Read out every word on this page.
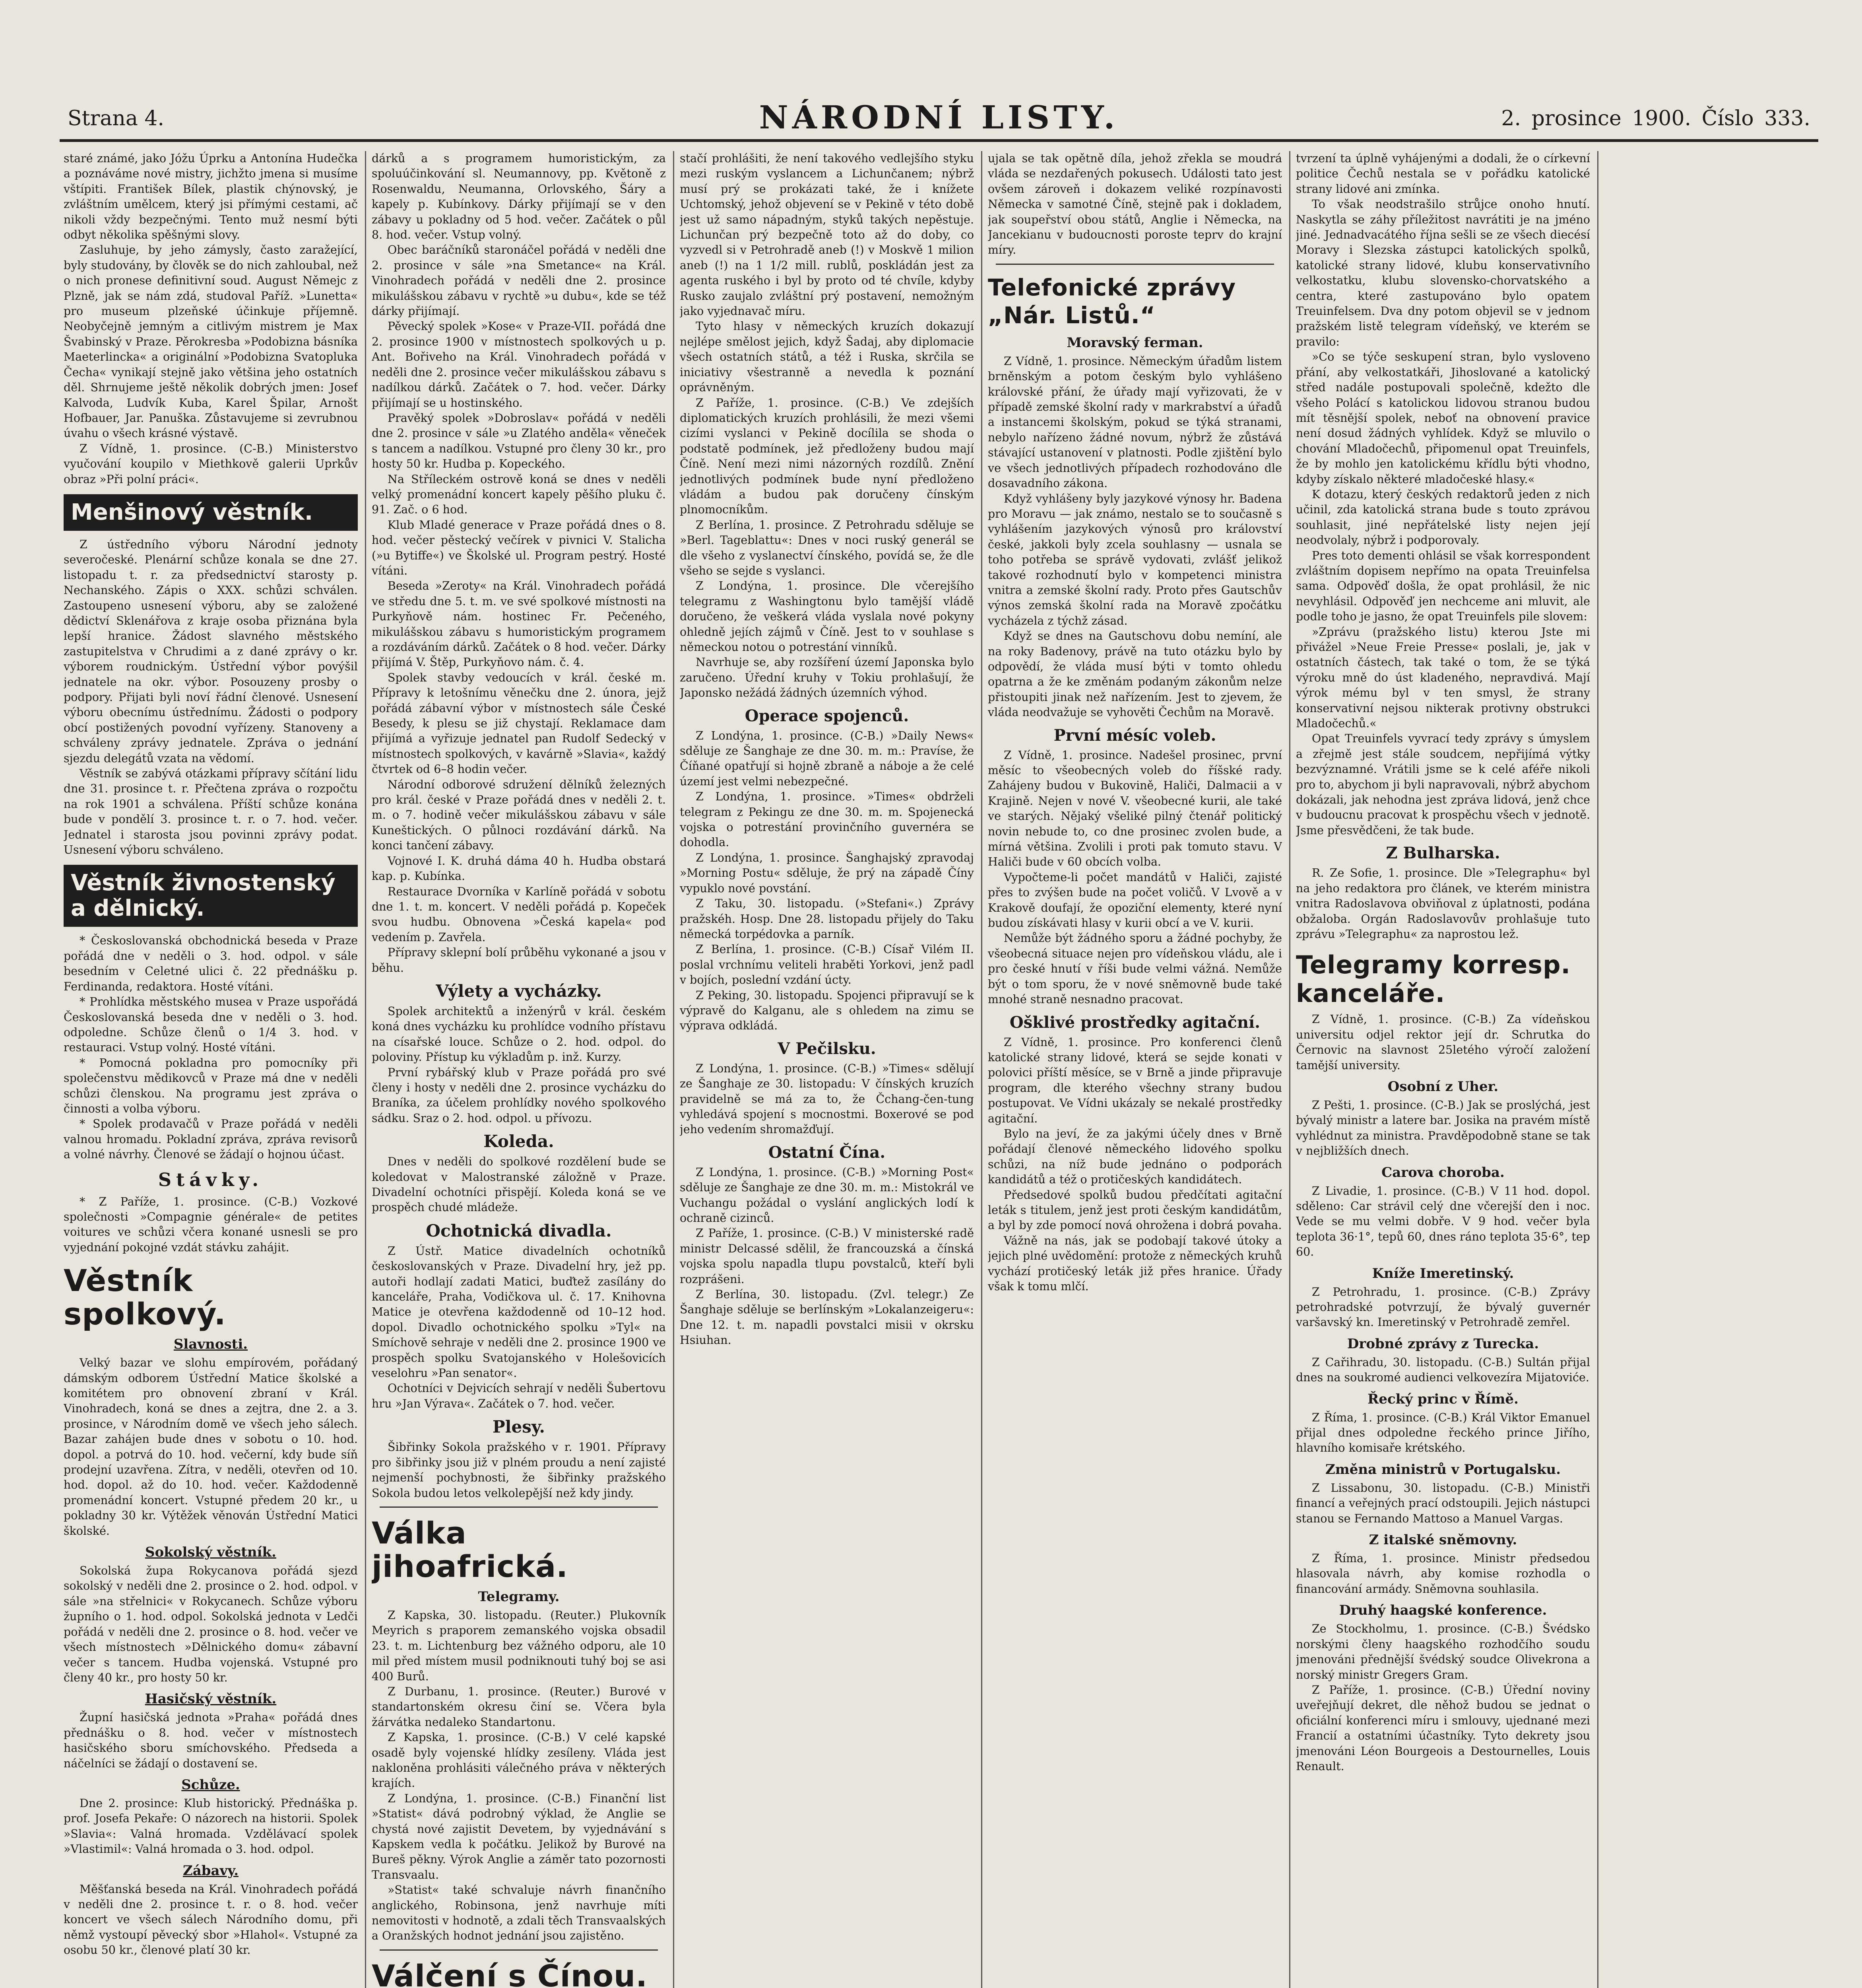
Strana 4.	NÁRODNÍ LISTY.	2. prosince 1900. Číslo 333.

staré známé, jako Jóžu Úprku a Antonína Hudečka a poznáváme nové mistry, jichžto jmena si musíme vštípiti. František Bílek, plastik chýnovský, je zvláštním umělcem, který jsi přímými cestami, ač nikoli vždy bezpečnými. Tento muž nesmí býti odbyt několika spěšnými slovy.

Zasluhuje, by jeho zámysly, často zaražející, byly studovány, by člověk se do nich zahloubal, než o nich pronese definitivní soud. August Němejc z Plzně, jak se nám zdá, studoval Paříž. »Lunetta« pro museum plzeňské účinkuje příjemně. Neobyčejně jemným a citlivým mistrem je Max Švabinský v Praze. Pěrokresba »Podobizna básníka Maeterlincka« a originální »Podobizna Svatopluka Čecha« vynikají stejně jako většina jeho ostatních děl. Shrnujeme ještě několik dobrých jmen: Josef Kalvoda, Ludvík Kuba, Karel Špilar, Arnošt Hofbauer, Jar. Panuška. Zůstavujeme si zevrubnou úvahu o všech krásné výstavě.

Z Vídně, 1. prosince. (C-B.) Ministerstvo vyučování koupilo v Miethkově galerii Uprkův obraz »Při polní práci«.

Menšinový věstník.

Z ústředního výboru Národní jednoty severočeské. Plenární schůze konala se dne 27. listopadu t. r. za předsednictví starosty p. Nechanského. Zápis o XXX. schůzi schválen. Zastoupeno usnesení výboru, aby se založené dědictví Sklenářova z kraje osoba přiznána byla lepší hranice. Žádost slavného městského zastupitelstva v Chrudimi a z dané zprávy o kr. výborem roudnickým. Ústřední výbor povýšil jednatele na okr. výbor. Posouzeny prosby o podpory. Přijati byli noví řádní členové. Usnesení výboru obecnímu ústřednímu. Žádosti o podpory obcí postižených povodní vyřízeny. Stanoveny a schváleny zprávy jednatele. Zpráva o jednání sjezdu delegátů vzata na vědomí.

Věstník se zabývá otázkami přípravy sčítání lidu dne 31. prosince t. r. Přečtena zpráva o rozpočtu na rok 1901 a schválena. Příští schůze konána bude v pondělí 3. prosince t. r. o 7. hod. večer. Jednatel i starosta jsou povinni zprávy podat. Usnesení výboru schváleno.

Věstník živnostenský a dělnický.

* Českoslovanská obchodnická beseda v Praze pořádá dne v neděli o 3. hod. odpol. v sále besedním v Celetné ulici č. 22 přednášku p. Ferdinanda, redaktora. Hosté vítáni.

* Prohlídka městského musea v Praze uspořádá Českoslovanská beseda dne v neděli o 3. hod. odpoledne. Schůze členů o 1/4 3. hod. v restauraci. Vstup volný. Hosté vítáni.

* Pomocná pokladna pro pomocníky při společenstvu mědikovců v Praze má dne v neděli schůzi členskou. Na programu jest zpráva o činnosti a volba výboru.

* Spolek prodavačů v Praze pořádá v neděli valnou hromadu. Pokladní zpráva, zpráva revisorů a volné návrhy. Členové se žádají o hojnou účast.

Stávky.

* Z Paříže, 1. prosince. (C-B.) Vozkové společnosti »Compagnie générale« de petites voitures ve schůzi včera konané usnesli se pro vyjednání pokojné vzdát stávku zahájit.

Věstník spolkový.
Slavnosti.

Velký bazar ve slohu empírovém, pořádaný dámským odborem Ústřední Matice školské a komitétem pro obnovení zbraní v Král. Vinohradech, koná se dnes a zejtra, dne 2. a 3. prosince, v Národním domě ve všech jeho sálech. Bazar zahájen bude dnes v sobotu o 10. hod. dopol. a potrvá do 10. hod. večerní, kdy bude síň prodejní uzavřena. Zítra, v neděli, otevřen od 10. hod. dopol. až do 10. hod. večer. Každodenně promenádní koncert. Vstupné předem 20 kr., u pokladny 30 kr. Výtěžek věnován Ústřední Matici školské.

Sokolský věstník.

Sokolská župa Rokycanova pořádá sjezd sokolský v neděli dne 2. prosince o 2. hod. odpol. v sále »na střelnici« v Rokycanech. Schůze výboru župního o 1. hod. odpol. Sokolská jednota v Ledči pořádá v neděli dne 2. prosince o 8. hod. večer ve všech místnostech »Dělnického domu« zábavní večer s tancem. Hudba vojenská. Vstupné pro členy 40 kr., pro hosty 50 kr.

Hasičský věstník.

Župní hasičská jednota »Praha« pořádá dnes přednášku o 8. hod. večer v místnostech hasičského sboru smíchovského. Předseda a náčelníci se žádají o dostavení se.

Schůze.

Dne 2. prosince: Klub historický. Přednáška p. prof. Josefa Pekaře: O názorech na historii. Spolek »Slavia«: Valná hromada. Vzdělávací spolek »Vlastimil«: Valná hromada o 3. hod. odpol.

Zábavy.

Měšťanská beseda na Král. Vinohradech pořádá v neděli dne 2. prosince t. r. o 8. hod. večer koncert ve všech sálech Národního domu, při němž vystoupí pěvecký sbor »Hlahol«. Vstupné za osobu 50 kr., členové platí 30 kr.

dárků a s programem humoristickým, za spoluúčinkování sl. Neumannovy, pp. Květoně z Rosenwaldu, Neumanna, Orlovského, Šáry a kapely p. Kubínkovy. Dárky přijímají se v den zábavy u pokladny od 5 hod. večer. Začátek o půl 8. hod. večer. Vstup volný.

Obec baráčníků staronáčel pořádá v neděli dne 2. prosince v sále »na Smetance« na Král. Vinohradech pořádá v neděli dne 2. prosince mikulášskou zábavu v rychtě »u dubu«, kde se též dárky přijímají.

Pěvecký spolek »Kose« v Praze-VII. pořádá dne 2. prosince 1900 v místnostech spolkových u p. Ant. Bořiveho na Král. Vinohradech pořádá v neděli dne 2. prosince večer mikulášskou zábavu s nadílkou dárků. Začátek o 7. hod. večer. Dárky přijímají se u hostinského.

Pravěký spolek »Dobroslav« pořádá v neděli dne 2. prosince v sále »u Zlatého anděla« věneček s tancem a nadílkou. Vstupné pro členy 30 kr., pro hosty 50 kr. Hudba p. Kopeckého.

Na Stříleckém ostrově koná se dnes v neděli velký promenádní koncert kapely pěšího pluku č. 91. Zač. o 6 hod.

Klub Mladé generace v Praze pořádá dnes o 8. hod. večer pěstecký večírek v pivnici V. Stalicha (»u Bytiffe«) ve Školské ul. Program pestrý. Hosté vítáni.

Beseda »Zeroty« na Král. Vinohradech pořádá ve středu dne 5. t. m. ve své spolkové místnosti na Purkyňově nám. hostinec Fr. Pečeného, mikulášskou zábavu s humoristickým programem a rozdáváním dárků. Začátek o 8 hod. večer. Dárky přijímá V. Štěp, Purkyňovo nám. č. 4.

Spolek stavby vedoucích v král. české m. Přípravy k letošnímu věnečku dne 2. února, jejž pořádá zábavní výbor v místnostech sále České Besedy, k plesu se již chystají. Reklamace dam přijímá a vyřizuje jednatel pan Rudolf Sedecký v místnostech spolkových, v kavárně »Slavia«, každý čtvrtek od 6–8 hodin večer.

Národní odborové sdružení dělníků železných pro král. české v Praze pořádá dnes v neděli 2. t. m. o 7. hodině večer mikulášskou zábavu v sále Kuneštických. O půlnoci rozdávání dárků. Na konci tančení zábavy.

Vojnové I. K. druhá dáma 40 h. Hudba obstará kap. p. Kubínka.

Restaurace Dvorníka v Karlíně pořádá v sobotu dne 1. t. m. koncert. V neděli pořádá p. Kopeček svou hudbu. Obnovena »Česká kapela« pod vedením p. Zavřela.

Přípravy sklepní bolí průběhu vykonané a jsou v běhu.

Výlety a vycházky.

Spolek architektů a inženýrů v král. českém koná dnes vycházku ku prohlídce vodního přístavu na císařské louce. Schůze o 2. hod. odpol. do poloviny. Přístup ku výkladům p. inž. Kurzy.

První rybářský klub v Praze pořádá pro své členy i hosty v neděli dne 2. prosince vycházku do Braníka, za účelem prohlídky nového spolkového sádku. Sraz o 2. hod. odpol. u přívozu.

Koleda.

Dnes v neděli do spolkové rozdělení bude se koledovat v Malostranské záložně v Praze. Divadelní ochotníci přispějí. Koleda koná se ve prospěch chudé mládeže.

Ochotnická divadla.

Z Ústř. Matice divadelních ochotníků českoslovanských v Praze. Divadelní hry, jež pp. autoři hodlají zadati Matici, buďtež zasílány do kanceláře, Praha, Vodičkova ul. č. 17. Knihovna Matice je otevřena každodenně od 10–12 hod. dopol. Divadlo ochotnického spolku »Tyl« na Smíchově sehraje v neděli dne 2. prosince 1900 ve prospěch spolku Svatojanského v Holešovicích veselohru »Pan senator«.

Ochotníci v Dejvicích sehrají v neděli Šubertovu hru »Jan Výrava«. Začátek o 7. hod. večer.

Plesy.

Šibřinky Sokola pražského v r. 1901. Přípravy pro šibřinky jsou již v plném proudu a není zajisté nejmenší pochybnosti, že šibřinky pražského Sokola budou letos velkolepější než kdy jindy.

Válka jihoafrická.
Telegramy.

Z Kapska, 30. listopadu. (Reuter.) Plukovník Meyrich s praporem zemanského vojska obsadil 23. t. m. Lichtenburg bez vážného odporu, ale 10 mil před místem musil podniknouti tuhý boj se asi 400 Burů.

Z Durbanu, 1. prosince. (Reuter.) Burové v standartonském okresu činí se. Včera byla žárvátka nedaleko Standartonu.

Z Kapska, 1. prosince. (C-B.) V celé kapské osadě byly vojenské hlídky zesíleny. Vláda jest nakloněna prohlásiti válečného práva v některých krajích.

Z Londýna, 1. prosince. (C-B.) Finanční list »Statist« dává podrobný výklad, že Anglie se chystá nové zajistit Devetem, by vyjednávání s Kapskem vedla k počátku. Jelikož by Burové na Bureš pěkny. Výrok Anglie a záměr tato pozornosti Transvaalu.

»Statist« také schvaluje návrh finančního anglického, Robinsona, jenž navrhuje míti nemovitosti v hodnotě, a zdali těch Transvaalských a Oranžských hodnot jednání jsou zajistěno.

Válčení s Čínou.

stačí prohlášiti, že není takového vedlejšího styku mezi ruským vyslancem a Lichunčanem; nýbrž musí prý se prokázati také, že i knížete Uchtomský, jehož objevení se v Pekině v této době jest už samo nápadným, styků takých nepěstuje. Lichunčan prý bezpečně toto až do doby, co vyzvedl si v Petrohradě aneb (!) v Moskvě 1 milion aneb (!) na 1 1/2 mill. rublů, poskládán jest za agenta ruského i byl by proto od té chvíle, kdyby Rusko zaujalo zvláštní prý postavení, nemožným jako vyjednavač míru.

Tyto hlasy v německých kruzích dokazují nejlépe smělost jejich, když Šadaj, aby diplomacie všech ostatních států, a též i Ruska, skrčila se iniciativy všestranně a nevedla k poznání oprávněným.

Z Paříže, 1. prosince. (C-B.) Ve zdejších diplomatických kruzích prohlásili, že mezi všemi cizími vyslanci v Pekině docílila se shoda o podstatě podmínek, jež předloženy budou mají Číně. Není mezi nimi názorných rozdílů. Znění jednotlivých podmínek bude nyní předloženo vládám a budou pak doručeny čínským plnomocníkům.

Z Berlína, 1. prosince. Z Petrohradu sděluje se »Berl. Tageblattu«: Dnes v noci ruský generál se dle všeho z vyslanectví čínského, povídá se, že dle všeho se sejde s vyslanci.

Z Londýna, 1. prosince. Dle včerejšího telegramu z Washingtonu bylo tamější vládě doručeno, že veškerá vláda vyslala nové pokyny ohledně jejích zájmů v Číně. Jest to v souhlase s německou notou o potrestání vinníků.

Navrhuje se, aby rozšíření území Japonska bylo zaručeno. Úřední kruhy v Tokiu prohlašují, že Japonsko nežádá žádných územních výhod.

Operace spojenců.

Z Londýna, 1. prosince. (C-B.) »Daily News« sděluje ze Šanghaje ze dne 30. m. m.: Pravíse, že Číňané opatřují si hojně zbraně a náboje a že celé území jest velmi nebezpečné.

Z Londýna, 1. prosince. »Times« obdrželi telegram z Pekingu ze dne 30. m. m. Spojenecká vojska o potrestání provinčního guvernéra se dohodla.

Z Londýna, 1. prosince. Šanghajský zpravodaj »Morning Postu« sděluje, že prý na západě Číny vypuklo nové povstání.

Z Taku, 30. listopadu. (»Stefani«.) Zprávy pražskéh. Hosp. Dne 28. listopadu přijely do Taku německá torpédovka a parník.

Z Berlína, 1. prosince. (C-B.) Císař Vilém II. poslal vrchnímu veliteli hraběti Yorkovi, jenž padl v bojích, poslední vzdání úcty.

Z Peking, 30. listopadu. Spojenci připravují se k výpravě do Kalganu, ale s ohledem na zimu se výprava odkládá.

V Pečilsku.

Z Londýna, 1. prosince. (C-B.) »Times« sdělují ze Šanghaje ze 30. listopadu: V čínských kruzích pravidelně se má za to, že Čchang-čen-tung vyhledává spojení s mocnostmi. Boxerové se pod jeho vedením shromažďují.

Ostatní Čína.

Z Londýna, 1. prosince. (C-B.) »Morning Post« sděluje ze Šanghaje ze dne 30. m. m.: Mistokrál ve Vuchangu požádal o vyslání anglických lodí k ochraně cizinců.

Z Paříže, 1. prosince. (C-B.) V ministerské radě ministr Delcassé sdělil, že francouzská a čínská vojska spolu napadla tlupu povstalců, kteří byli rozprášeni.

Z Berlína, 30. listopadu. (Zvl. telegr.) Ze Šanghaje sděluje se berlínským »Lokalanzeigeru«: Dne 12. t. m. napadli povstalci misii v okrsku Hsiuhan.

ujala se tak opětně díla, jehož zřekla se moudrá vláda se nezdařených pokusech. Události tato jest ovšem zároveň i dokazem veliké rozpínavosti Německa v samotné Číně, stejně pak i dokladem, jak soupeřství obou států, Anglie i Německa, na Jancekianu v budoucnosti poroste teprv do krajní míry.

Telefonické zprávy „Nár. Listů.“
Moravský ferman.

Z Vídně, 1. prosince. Německým úřadům listem brněnským a potom českým bylo vyhlášeno královské přání, že úřady mají vyřizovati, že v případě zemské školní rady v markrabství a úřadů a instancemi školským, pokud se týká stranami, nebylo nařízeno žádné novum, nýbrž že zůstává stávající ustanovení v platnosti. Podle zjištění bylo ve všech jednotlivých případech rozhodováno dle dosavadního zákona.

Když vyhlášeny byly jazykové výnosy hr. Badena pro Moravu — jak známo, nestalo se to současně s vyhlášením jazykových výnosů pro království české, jakkoli byly zcela souhlasny — usnala se toho potřeba se správě vydovati, zvlášť jelikož takové rozhodnutí bylo v kompetenci ministra vnitra a zemské školní rady. Proto přes Gautschův výnos zemská školní rada na Moravě zpočátku vycházela z týchž zásad.

Když se dnes na Gautschovu dobu nemíní, ale na roky Badenovy, právě na tuto otázku bylo by odpovědí, že vláda musí býti v tomto ohledu opatrna a že ke změnám podaným zákonům nelze přistoupiti jinak než nařízením. Jest to zjevem, že vláda neodvažuje se vyhověti Čechům na Moravě.

První mésíc voleb.

Z Vídně, 1. prosince. Nadešel prosinec, první měsíc to všeobecných voleb do říšské rady. Zahájeny budou v Bukovině, Haliči, Dalmacii a v Krajině. Nejen v nové V. všeobecné kurii, ale také ve starých. Nějaký všeliké pilný čtenář politický novin nebude to, co dne prosinec zvolen bude, a mírná většina. Zvolili i proti pak tomuto stavu. V Haliči bude v 60 obcích volba.

Vypočteme-li počet mandátů v Haliči, zajisté přes to zvýšen bude na počet voličů. V Lvově a v Krakově doufají, že opoziční elementy, které nyní budou získávati hlasy v kurii obcí a ve V. kurii.

Nemůže být žádného sporu a žádné pochyby, že všeobecná situace nejen pro vídeňskou vládu, ale i pro české hnutí v říši bude velmi vážná. Nemůže být o tom sporu, že v nové sněmovně bude také mnohé straně nesnadno pracovat.

Ošklivé prostředky agitační.

Z Vídně, 1. prosince. Pro konferenci členů katolické strany lidové, která se sejde konati v polovici příští měsíce, se v Brně a jinde připravuje program, dle kterého všechny strany budou postupovat. Ve Vídni ukázaly se nekalé prostředky agitační.

Bylo na jeví, že za jakými účely dnes v Brně pořádají členové německého lidového spolku schůzi, na níž bude jednáno o podporách kandidátů a též o protičeských kandidátech.

Předsedové spolků budou předčítati agitační leták s titulem, jenž jest proti českým kandidátům, a byl by zde pomocí nová ohrožena i dobrá povaha.

Vážně na nás, jak se podobají takové útoky a jejich plné uvědomění: protože z německých kruhů vychází protičeský leták již přes hranice. Úřady však k tomu mlčí.

tvrzení ta úplně vyhájenými a dodali, že o církevní politice Čechů nestala se v pořádku katolické strany lidové ani zmínka.

To však neodstrašilo strůjce onoho hnutí. Naskytla se záhy příležitost navrátiti je na jméno jiné. Jednadvacátého října sešli se ze všech diecésí Moravy i Slezska zástupci katolických spolků, katolické strany lidové, klubu konservativního velkostatku, klubu slovensko-chorvatského a centra, které zastupováno bylo opatem Treuinfelsem. Dva dny potom objevil se v jednom pražském listě telegram vídeňský, ve kterém se pravilo:

»Co se týče seskupení stran, bylo vysloveno přání, aby velkostatkáři, Jihoslované a katolický střed nadále postupovali společně, kdežto dle všeho Polácí s katolickou lidovou stranou budou mít těsnější spolek, neboť na obnovení pravice není dosud žádných vyhlídek. Když se mluvilo o chování Mladočechů, připomenul opat Treuinfels, že by mohlo jen katolickému křídlu býti vhodno, kdyby získalo některé mladočeské hlasy.«

K dotazu, který českých redaktorů jeden z nich učinil, zda katolická strana bude s touto zprávou souhlasit, jiné nepřátelské listy nejen její neodvolaly, nýbrž i podporovaly.

Pres toto dementi ohlásil se však korrespondent zvláštním dopisem nepřímo na opata Treuinfelsa sama. Odpověď došla, že opat prohlásil, že nic nevyhlásil. Odpověď jen nechceme ani mluvit, ale podle toho je jasno, že opat Treuinfels pile slovem:

»Zprávu (pražského listu) kterou Jste mi přivážel »Neue Freie Presse« poslali, je, jak v ostatních částech, tak také o tom, že se týká výroku mně do úst kladeného, nepravdivá. Mají výrok mému byl v ten smysl, že strany konservativní nejsou nikterak protivny obstrukci Mladočechů.«

Opat Treuinfels vyvrací tedy zprávy s úmyslem a zřejmě jest stále soudcem, nepřijímá výtky bezvýznamné. Vrátili jsme se k celé aféře nikoli pro to, abychom ji byli napravovali, nýbrž abychom dokázali, jak nehodna jest zpráva lidová, jenž chce v budoucnu pracovat k prospěchu všech v jednotě. Jsme přesvědčeni, že tak bude.

Z Bulharska.

R. Ze Sofie, 1. prosince. Dle »Telegraphu« byl na jeho redaktora pro článek, ve kterém ministra vnitra Radoslavova obviňoval z úplatnosti, podána obžaloba. Orgán Radoslavovův prohlašuje tuto zprávu »Telegraphu« za naprostou lež.

Telegramy korresp. kanceláře.

Z Vídně, 1. prosince. (C-B.) Za vídeňskou universitu odjel rektor její dr. Schrutka do Černovic na slavnost 25letého výročí založení tamější university.

Osobní z Uher.

Z Pešti, 1. prosince. (C-B.) Jak se proslýchá, jest bývalý ministr a latere bar. Josika na pravém místě vyhlédnut za ministra. Pravděpodobně stane se tak v nejbližších dnech.

Carova choroba.

Z Livadie, 1. prosince. (C-B.) V 11 hod. dopol. sděleno: Car strávil celý dne včerejší den i noc. Vede se mu velmi dobře. V 9 hod. večer byla teplota 36·1°, tepů 60, dnes ráno teplota 35·6°, tep 60.

Kníže Imeretinský.

Z Petrohradu, 1. prosince. (C-B.) Zprávy petrohradské potvrzují, že bývalý guvernér varšavský kn. Imeretinský v Petrohradě zemřel.

Drobné zprávy z Turecka.

Z Cařihradu, 30. listopadu. (C-B.) Sultán přijal dnes na soukromé audienci velkovezíra Mijatoviće.

Řecký princ v Římě.

Z Říma, 1. prosince. (C-B.) Král Viktor Emanuel přijal dnes odpoledne řeckého prince Jiřího, hlavního komisaře krétského.

Změna ministrů v Portugalsku.

Z Lissabonu, 30. listopadu. (C-B.) Ministři financí a veřejných prací odstoupili. Jejich nástupci stanou se Fernando Mattoso a Manuel Vargas.

Z italské sněmovny.

Z Říma, 1. prosince. Ministr předsedou hlasovala návrh, aby komise rozhodla o financování armády. Sněmovna souhlasila.

Druhý haagské konference.

Ze Stockholmu, 1. prosince. (C-B.) Švédsko norskými členy haagského rozhodčího soudu jmenováni přednější švédský soudce Olivekrona a norský ministr Gregers Gram.

Z Paříže, 1. prosince. (C-B.) Úřední noviny uveřejňují dekret, dle něhož budou se jednat o oficiální konferenci míru i smlouvy, ujednané mezi Francií a ostatními účastníky. Tyto dekrety jsou jmenováni Léon Bourgeois a Destournelles, Louis Renault.
